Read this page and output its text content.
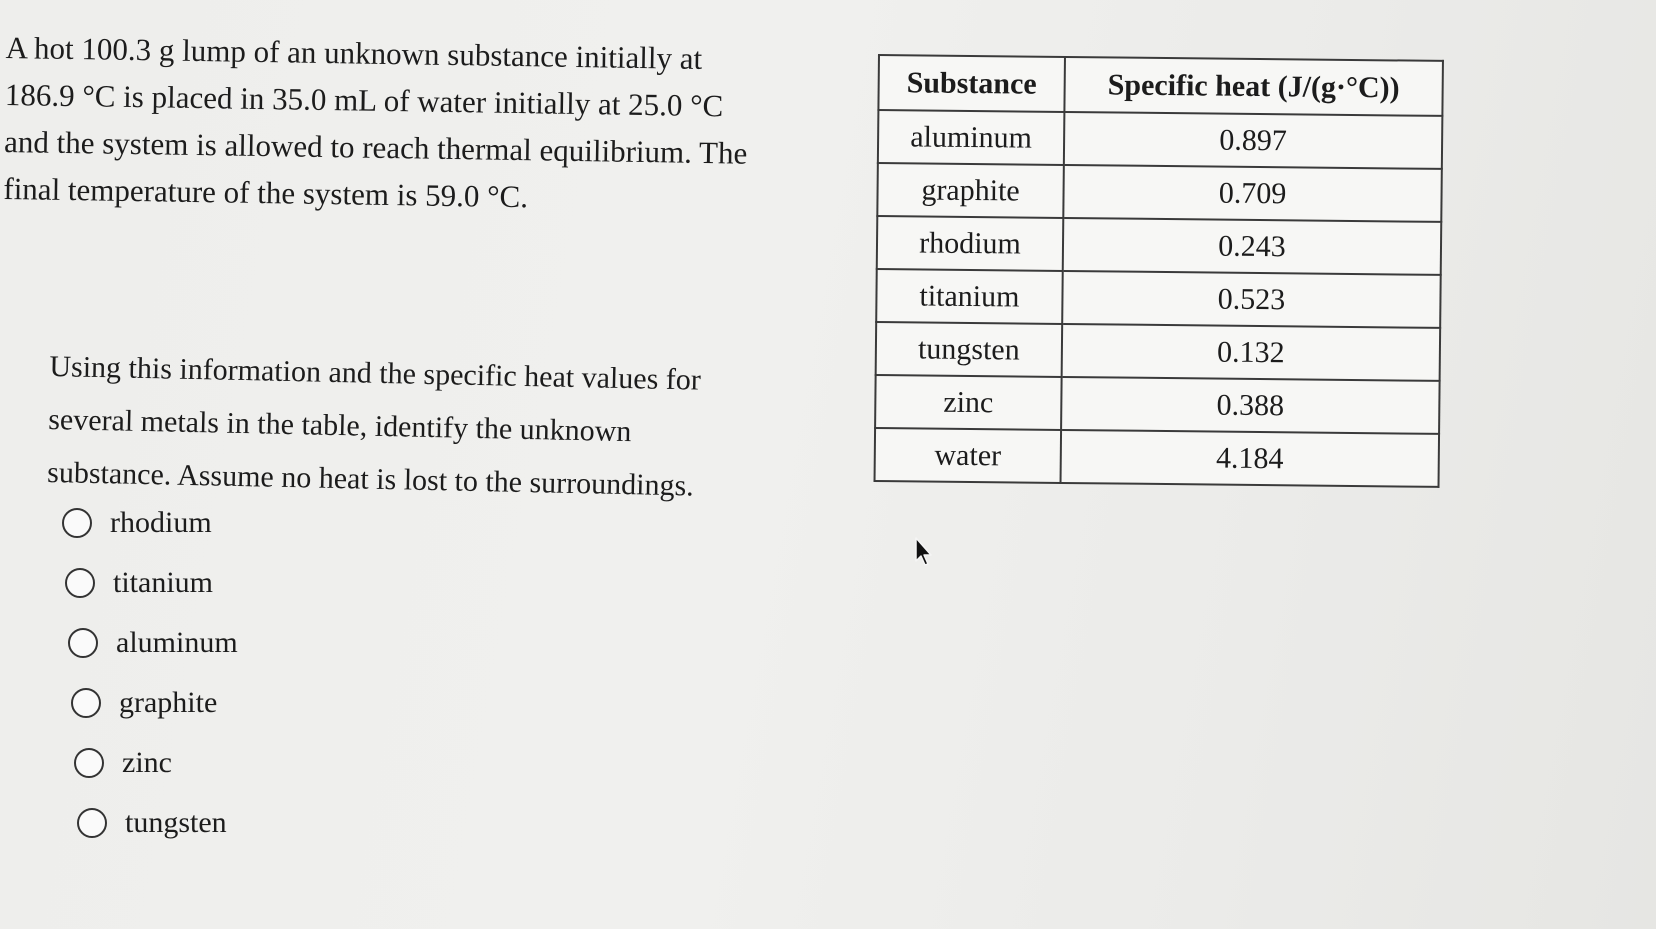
A hot 100.3 g lump of an unknown substance initially at

186.9 °C is placed in 35.0 mL of water initially at 25.0 °C

and the system is allowed to reach thermal equilibrium. The

final temperature of the system is 59.0 °C.

Using this information and the specific heat values for

several metals in the table, identify the unknown

substance. Assume no heat is lost to the surroundings.

rhodium
titanium
aluminum
graphite
zinc
tungsten
Substance	Specific heat (J/(g·°C))
aluminum	0.897
graphite	0.709
rhodium	0.243
titanium	0.523
tungsten	0.132
zinc	0.388
water	4.184
